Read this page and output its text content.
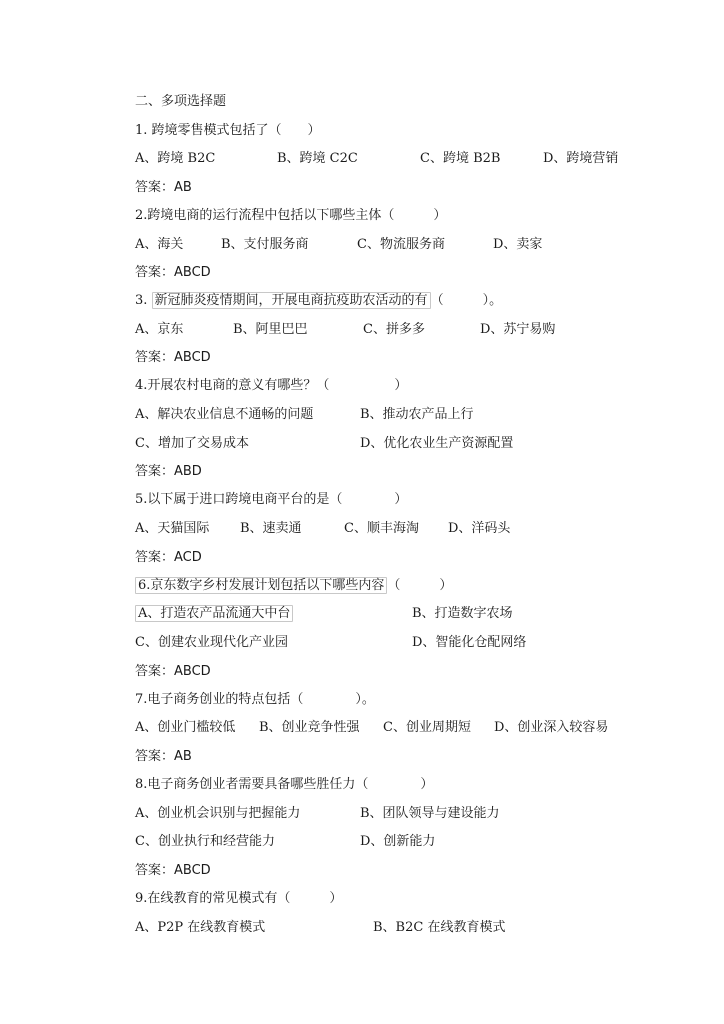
二、多项选择题
1. 跨境零售模式包括了（　　）
A、跨境 B2C	B、跨境 C2C	C、跨境 B2B	D、跨境营销
答案：AB
2.跨境电商的运行流程中包括以下哪些主体（　　　）
A、海关	B、支付服务商	C、物流服务商	D、卖家
答案：ABCD
3. 新冠肺炎疫情期间，开展电商抗疫助农活动的有 （　　　）。
A、京东	B、阿里巴巴	C、拼多多	D、苏宁易购
答案：ABCD
4.开展农村电商的意义有哪些？（　　　　　）
A、解决农业信息不通畅的问题	B、推动农产品上行
C、增加了交易成本	D、优化农业生产资源配置
答案：ABD
5.以下属于进口跨境电商平台的是（　　　　）
A、天猫国际 B、速卖通	C、顺丰海淘 D、洋码头
答案：ACD
6.京东数字乡村发展计划包括以下哪些内容 （　　　）
A、打造农产品流通大中台	B、打造数字农场
C、创建农业现代化产业园	D、智能化仓配网络
答案：ABCD
7.电子商务创业的特点包括（　　　　）。
A、创业门槛较低 B、创业竞争性强 C、创业周期短 D、创业深入较容易
答案：AB
8.电子商务创业者需要具备哪些胜任力（　　　　）
A、创业机会识别与把握能力	B、团队领导与建设能力
C、创业执行和经营能力	D、创新能力
答案：ABCD
9.在线教育的常见模式有（　　　）
A、P2P 在线教育模式	B、B2C 在线教育模式
